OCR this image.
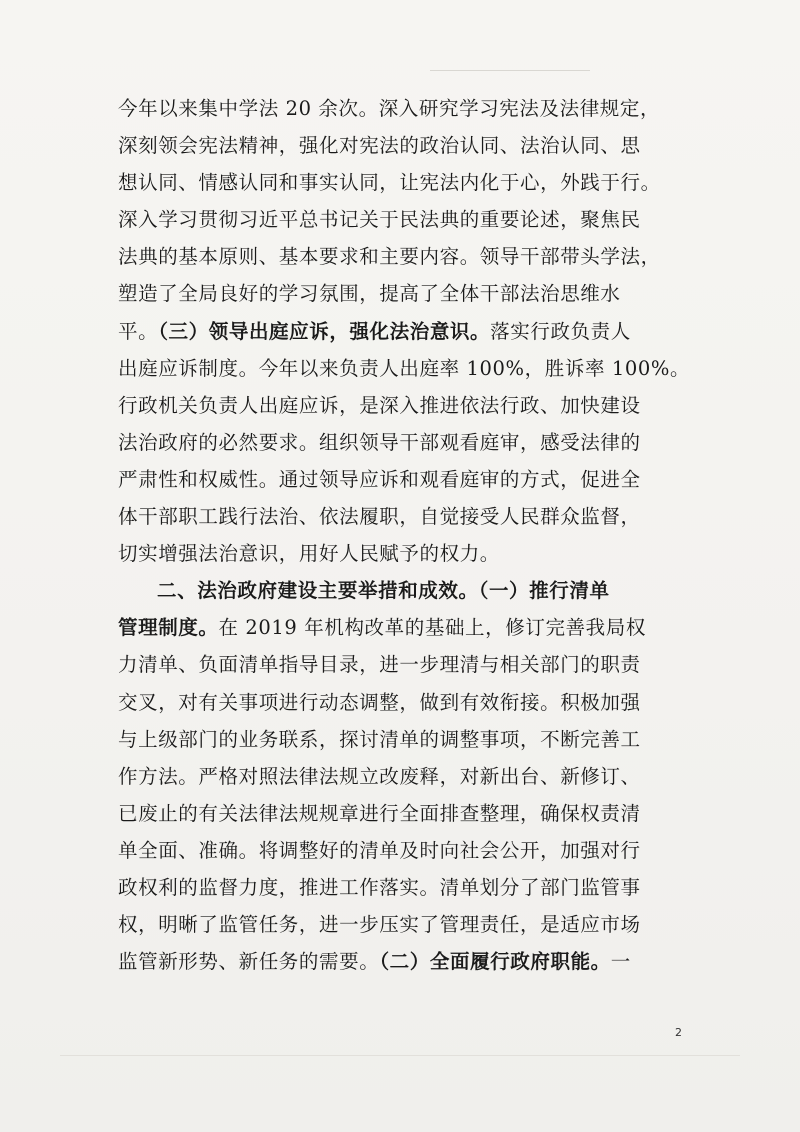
今年以来集中学法 20 余次。深入研究学习宪法及法律规定，
深刻领会宪法精神，强化对宪法的政治认同、法治认同、思
想认同、情感认同和事实认同，让宪法内化于心，外践于行。
深入学习贯彻习近平总书记关于民法典的重要论述，聚焦民
法典的基本原则、基本要求和主要内容。领导干部带头学法，
塑造了全局良好的学习氛围，提高了全体干部法治思维水
平。（三）领导出庭应诉，强化法治意识。落实行政负责人
出庭应诉制度。今年以来负责人出庭率 100%，胜诉率 100%。
行政机关负责人出庭应诉，是深入推进依法行政、加快建设
法治政府的必然要求。组织领导干部观看庭审，感受法律的
严肃性和权威性。通过领导应诉和观看庭审的方式，促进全
体干部职工践行法治、依法履职，自觉接受人民群众监督，
切实增强法治意识，用好人民赋予的权力。
二、法治政府建设主要举措和成效。（一）推行清单
管理制度。在 2019 年机构改革的基础上，修订完善我局权
力清单、负面清单指导目录，进一步理清与相关部门的职责
交叉，对有关事项进行动态调整，做到有效衔接。积极加强
与上级部门的业务联系，探讨清单的调整事项，不断完善工
作方法。严格对照法律法规立改废释，对新出台、新修订、
已废止的有关法律法规规章进行全面排查整理，确保权责清
单全面、准确。将调整好的清单及时向社会公开，加强对行
政权利的监督力度，推进工作落实。清单划分了部门监管事
权，明晰了监管任务，进一步压实了管理责任，是适应市场
监管新形势、新任务的需要。（二）全面履行政府职能。一
2
